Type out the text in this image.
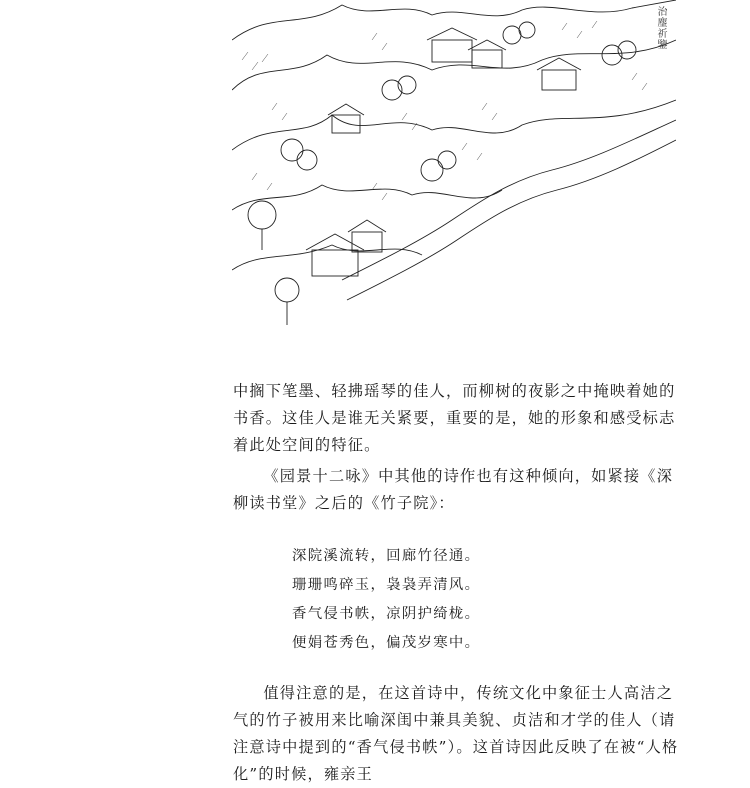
治麈祈鑒

中搁下笔墨、轻拂瑶琴的佳人，而柳树的夜影之中掩映着她的书香。这佳人是谁无关紧要，重要的是，她的形象和感受标志着此处空间的特征。

《园景十二咏》中其他的诗作也有这种倾向，如紧接《深柳读书堂》之后的《竹子院》：

深院溪流转，回廊竹径通。
珊珊鸣碎玉，袅袅弄清风。
香气侵书帙，凉阴护绮栊。
便娟苍秀色，偏茂岁寒中。

值得注意的是，在这首诗中，传统文化中象征士人高洁之气的竹子被用来比喻深闺中兼具美貌、贞洁和才学的佳人（请注意诗中提到的“香气侵书帙”）。这首诗因此反映了在被“人格化”的时候，雍亲王
